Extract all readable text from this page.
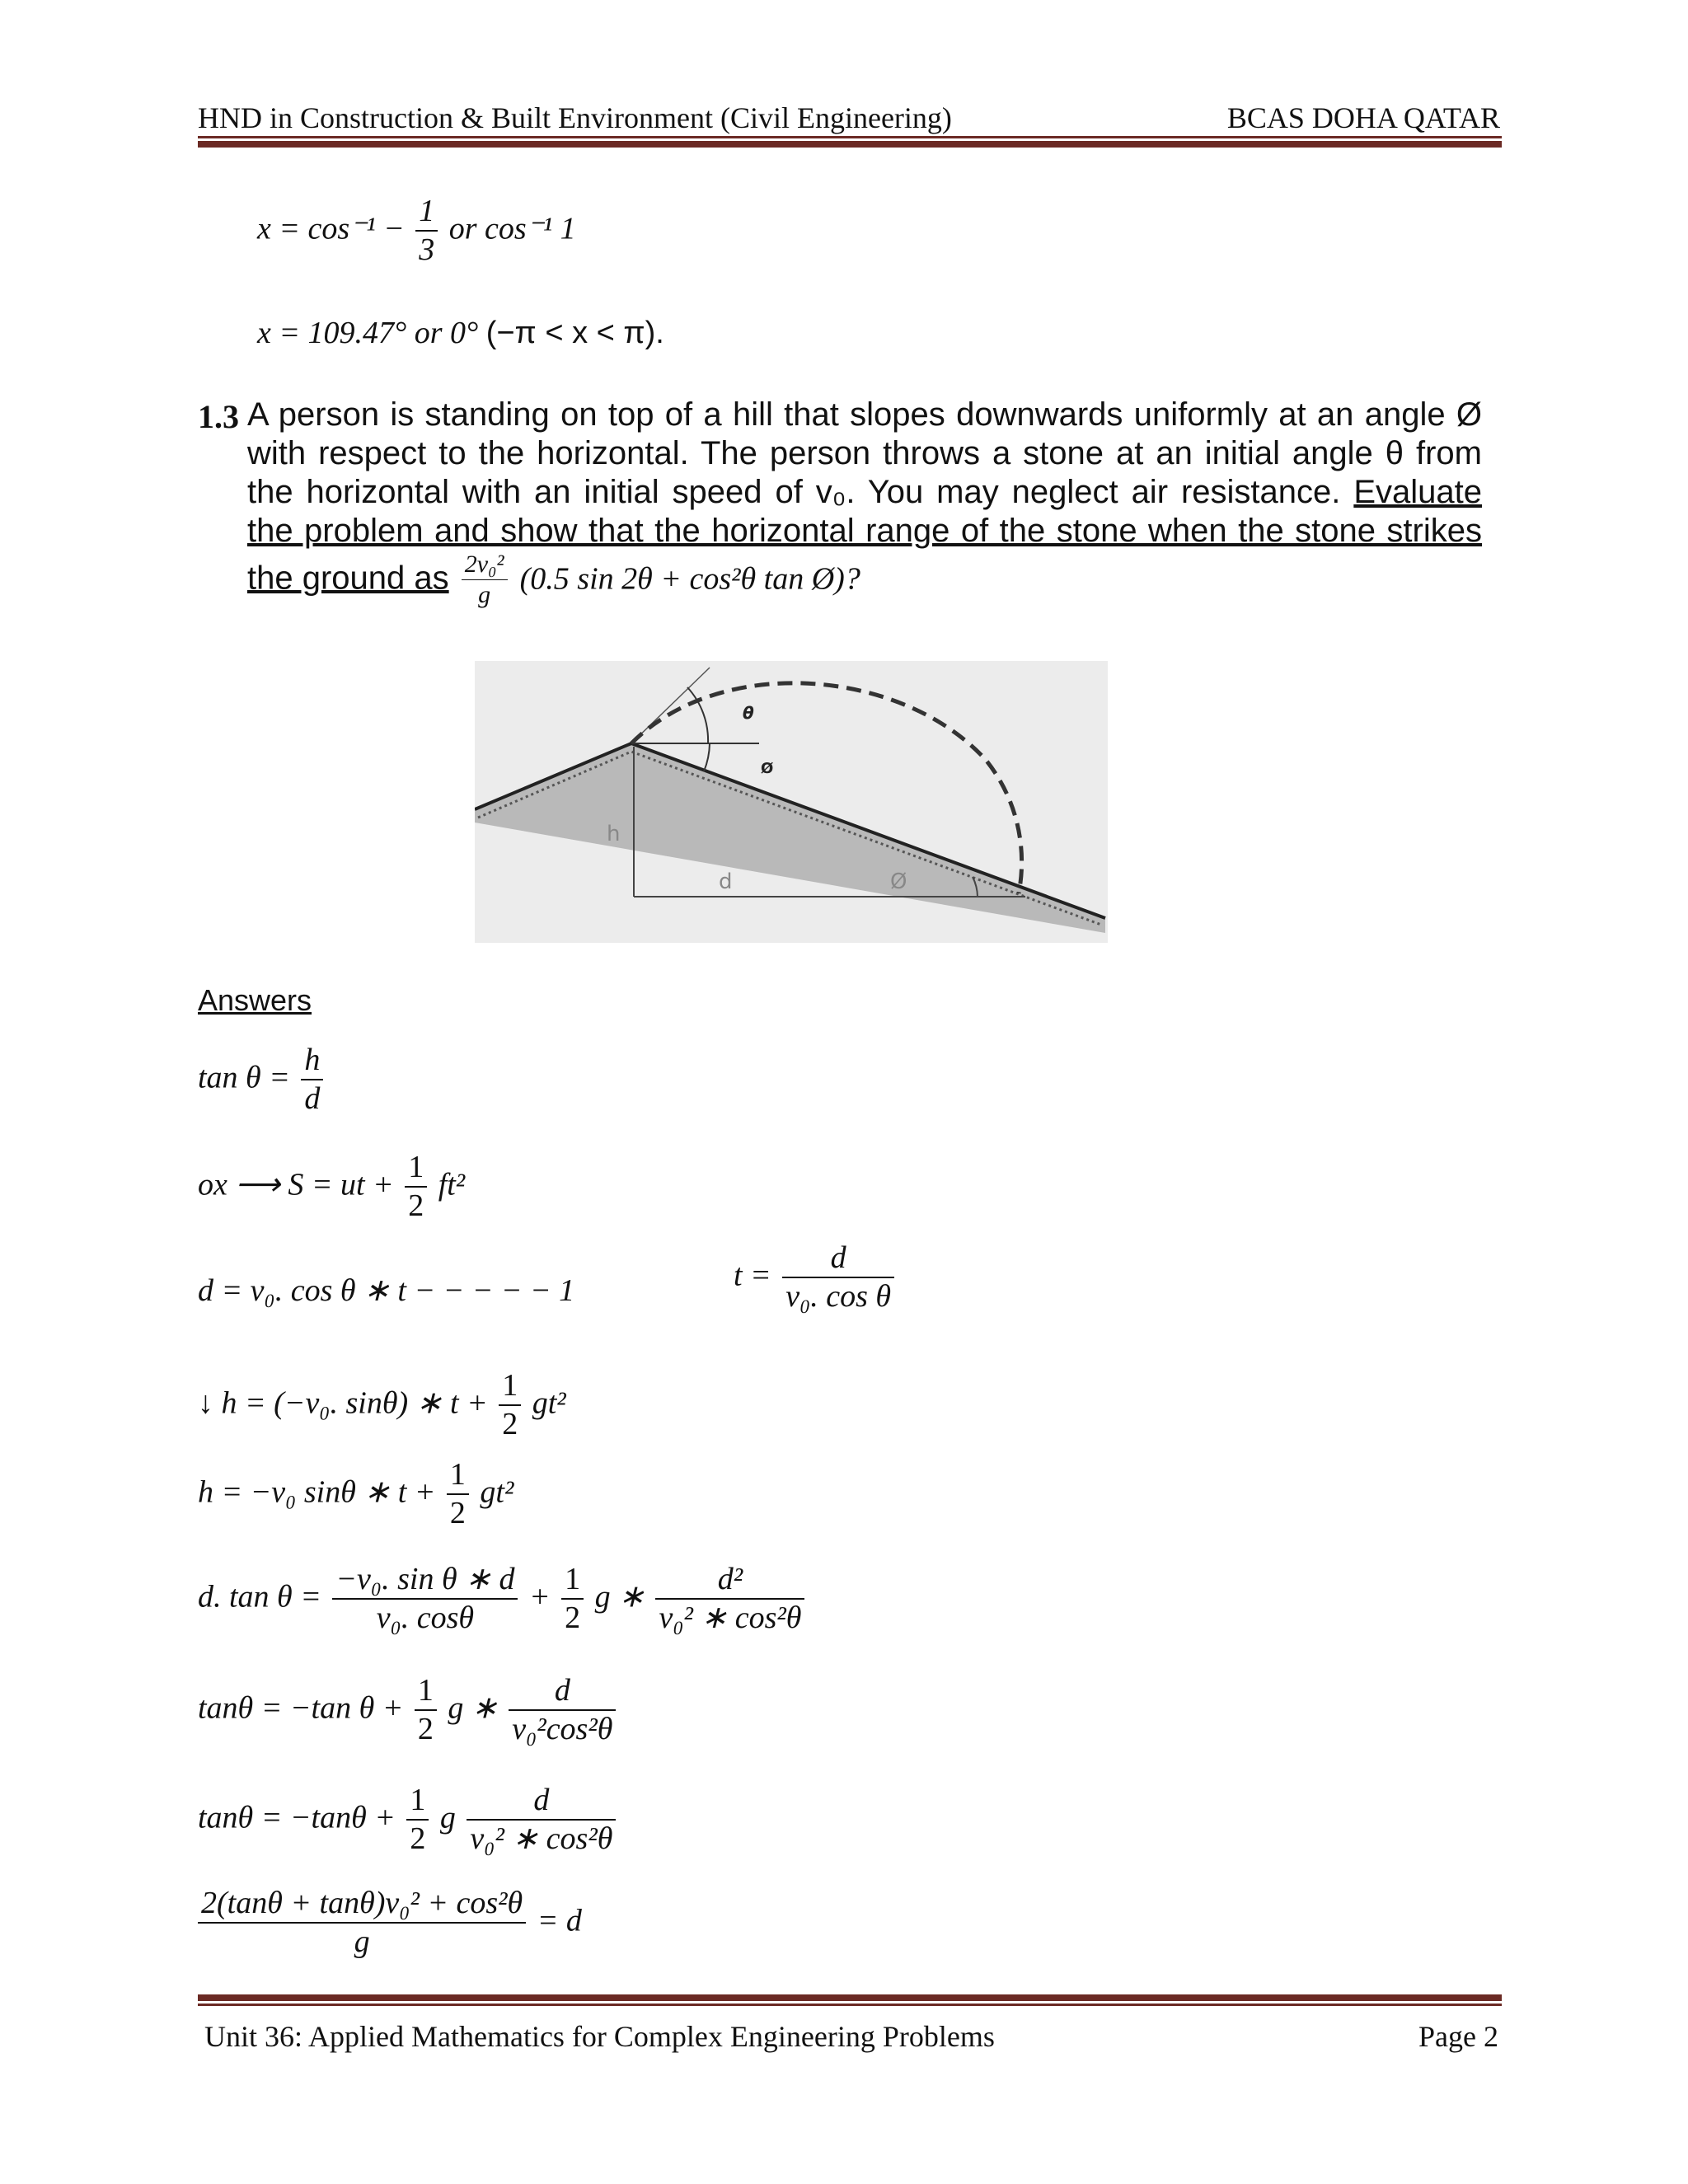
HND in Construction & Built Environment (Civil Engineering)	BCAS DOHA QATAR
$x = \cos^{-1} - \frac{1}{3}$ or cos⁻¹ 1
x = 109.47° or 0° (−π < x < π).
1.3 A person is standing on top of a hill that slopes downwards uniformly at an angle Ø
with respect to the horizontal. The person throws a stone at an initial angle θ from
the horizontal with an initial speed of v₀. You may neglect air resistance. Evaluate
the problem and show that the horizontal range of the stone when the stone strikes
the ground as $\frac{\text{2v₀²}}{g} (0.5$ sin 2θ + cos²θ tan Ø)?
θ
Ø
h
d	Ø
Answers
$\tan \theta = \frac{h}{d}$
ox ⟶ S = ut + $\frac{1}{2} ft^2$
d = v₀. cos θ ∗ t − − − − − 1	$t = \frac{d}{\text{v₀. cos θ}}$
↓ h = (−v₀. sinθ) ∗ $t + \frac{1}{2} gt^2$
h = −v₀ sinθ ∗ $t + \frac{1}{2} gt^2$
d. $\tan \theta = \frac{\text{−v₀. sin θ ∗ d}}{\text{v₀. cosθ}} + \frac{1}{2}$ g ∗ $\frac{\text{d²}}{\text{v₀² ∗ cos²θ}}$
tanθ = −tan $\theta + \frac{1}{2}$ g ∗ $\frac{d}{\text{v₀²cos²θ}}$
$\tan\theta = -\tan\theta + \frac{1}{2}$ g $\frac{d}{\text{v₀² ∗ cos²θ}}$
$\frac{\text{2(tanθ + tanθ)v₀² + cos²θ}}{g} = d$
Unit 36: Applied Mathematics for Complex Engineering Problems	Page 2
